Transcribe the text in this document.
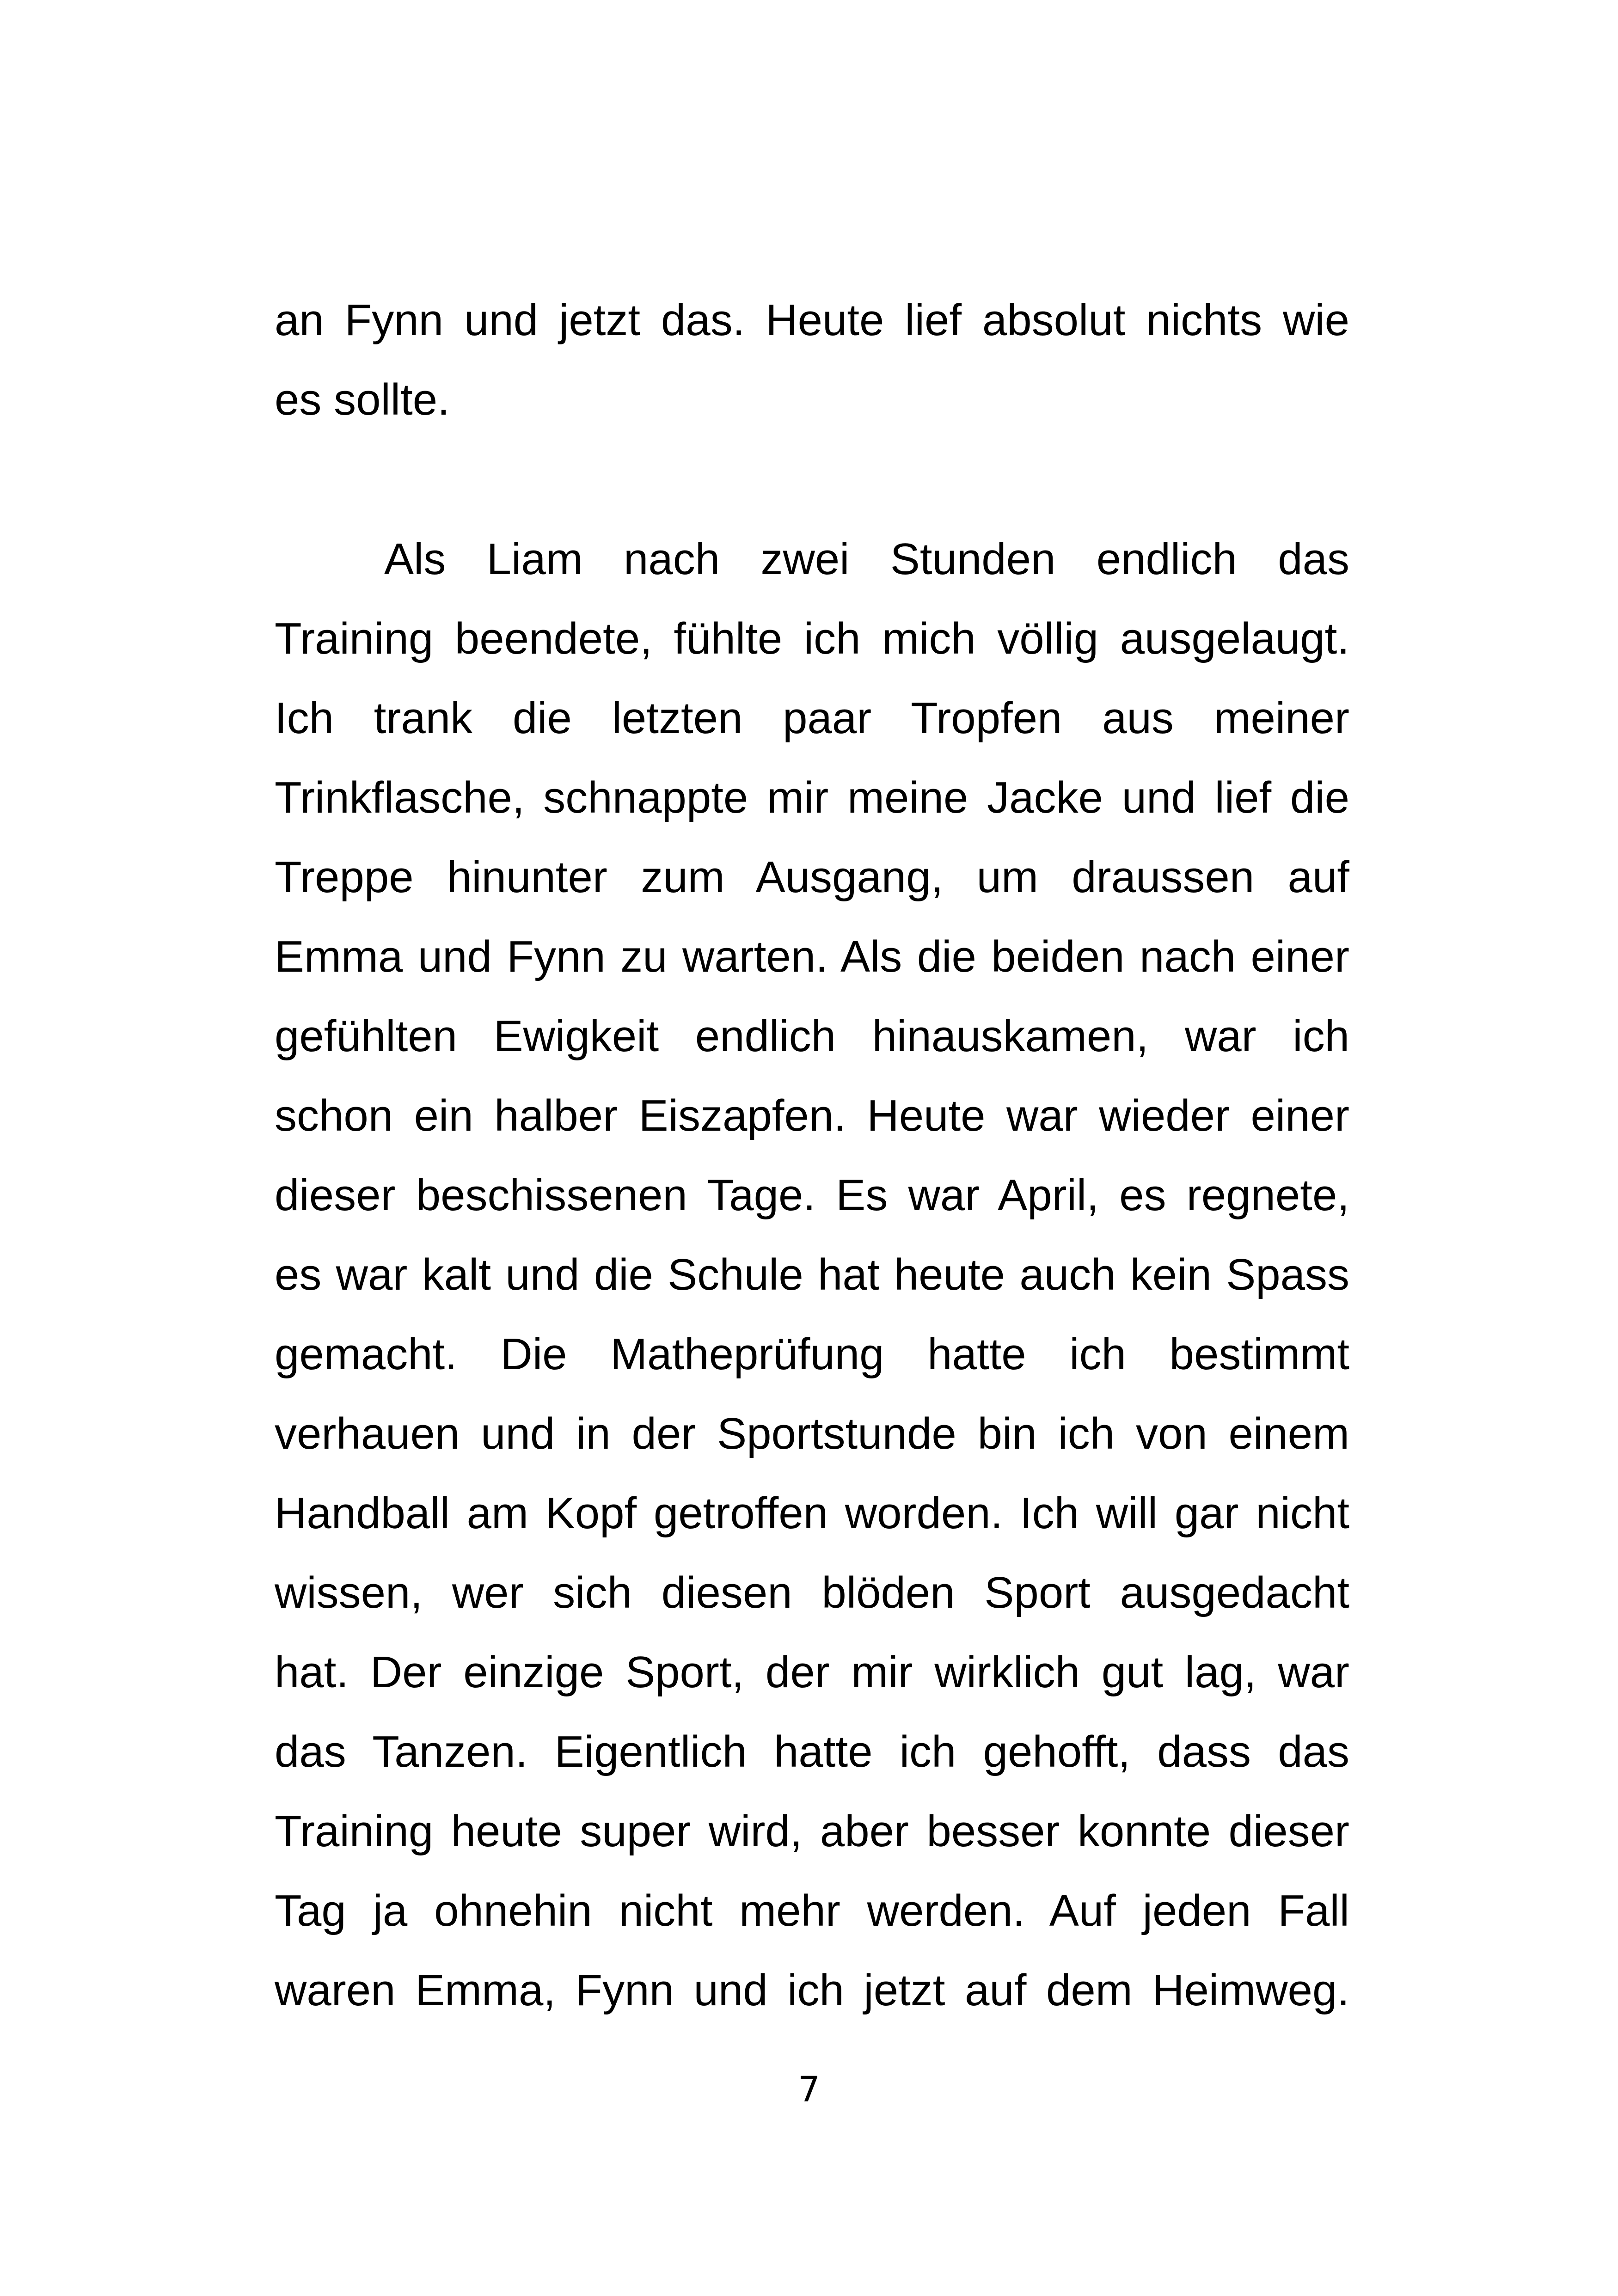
an Fynn und jetzt das. Heute lief absolut nichts wie
es sollte.
Als Liam nach zwei Stunden endlich das
Training beendete, fühlte ich mich völlig ausgelaugt.
Ich trank die letzten paar Tropfen aus meiner
Trinkflasche, schnappte mir meine Jacke und lief die
Treppe hinunter zum Ausgang, um draussen auf
Emma und Fynn zu warten. Als die beiden nach einer
gefühlten Ewigkeit endlich hinauskamen, war ich
schon ein halber Eiszapfen. Heute war wieder einer
dieser beschissenen Tage. Es war April, es regnete,
es war kalt und die Schule hat heute auch kein Spass
gemacht. Die Matheprüfung hatte ich bestimmt
verhauen und in der Sportstunde bin ich von einem
Handball am Kopf getroffen worden. Ich will gar nicht
wissen, wer sich diesen blöden Sport ausgedacht
hat. Der einzige Sport, der mir wirklich gut lag, war
das Tanzen. Eigentlich hatte ich gehofft, dass das
Training heute super wird, aber besser konnte dieser
Tag ja ohnehin nicht mehr werden. Auf jeden Fall
waren Emma, Fynn und ich jetzt auf dem Heimweg.
7
